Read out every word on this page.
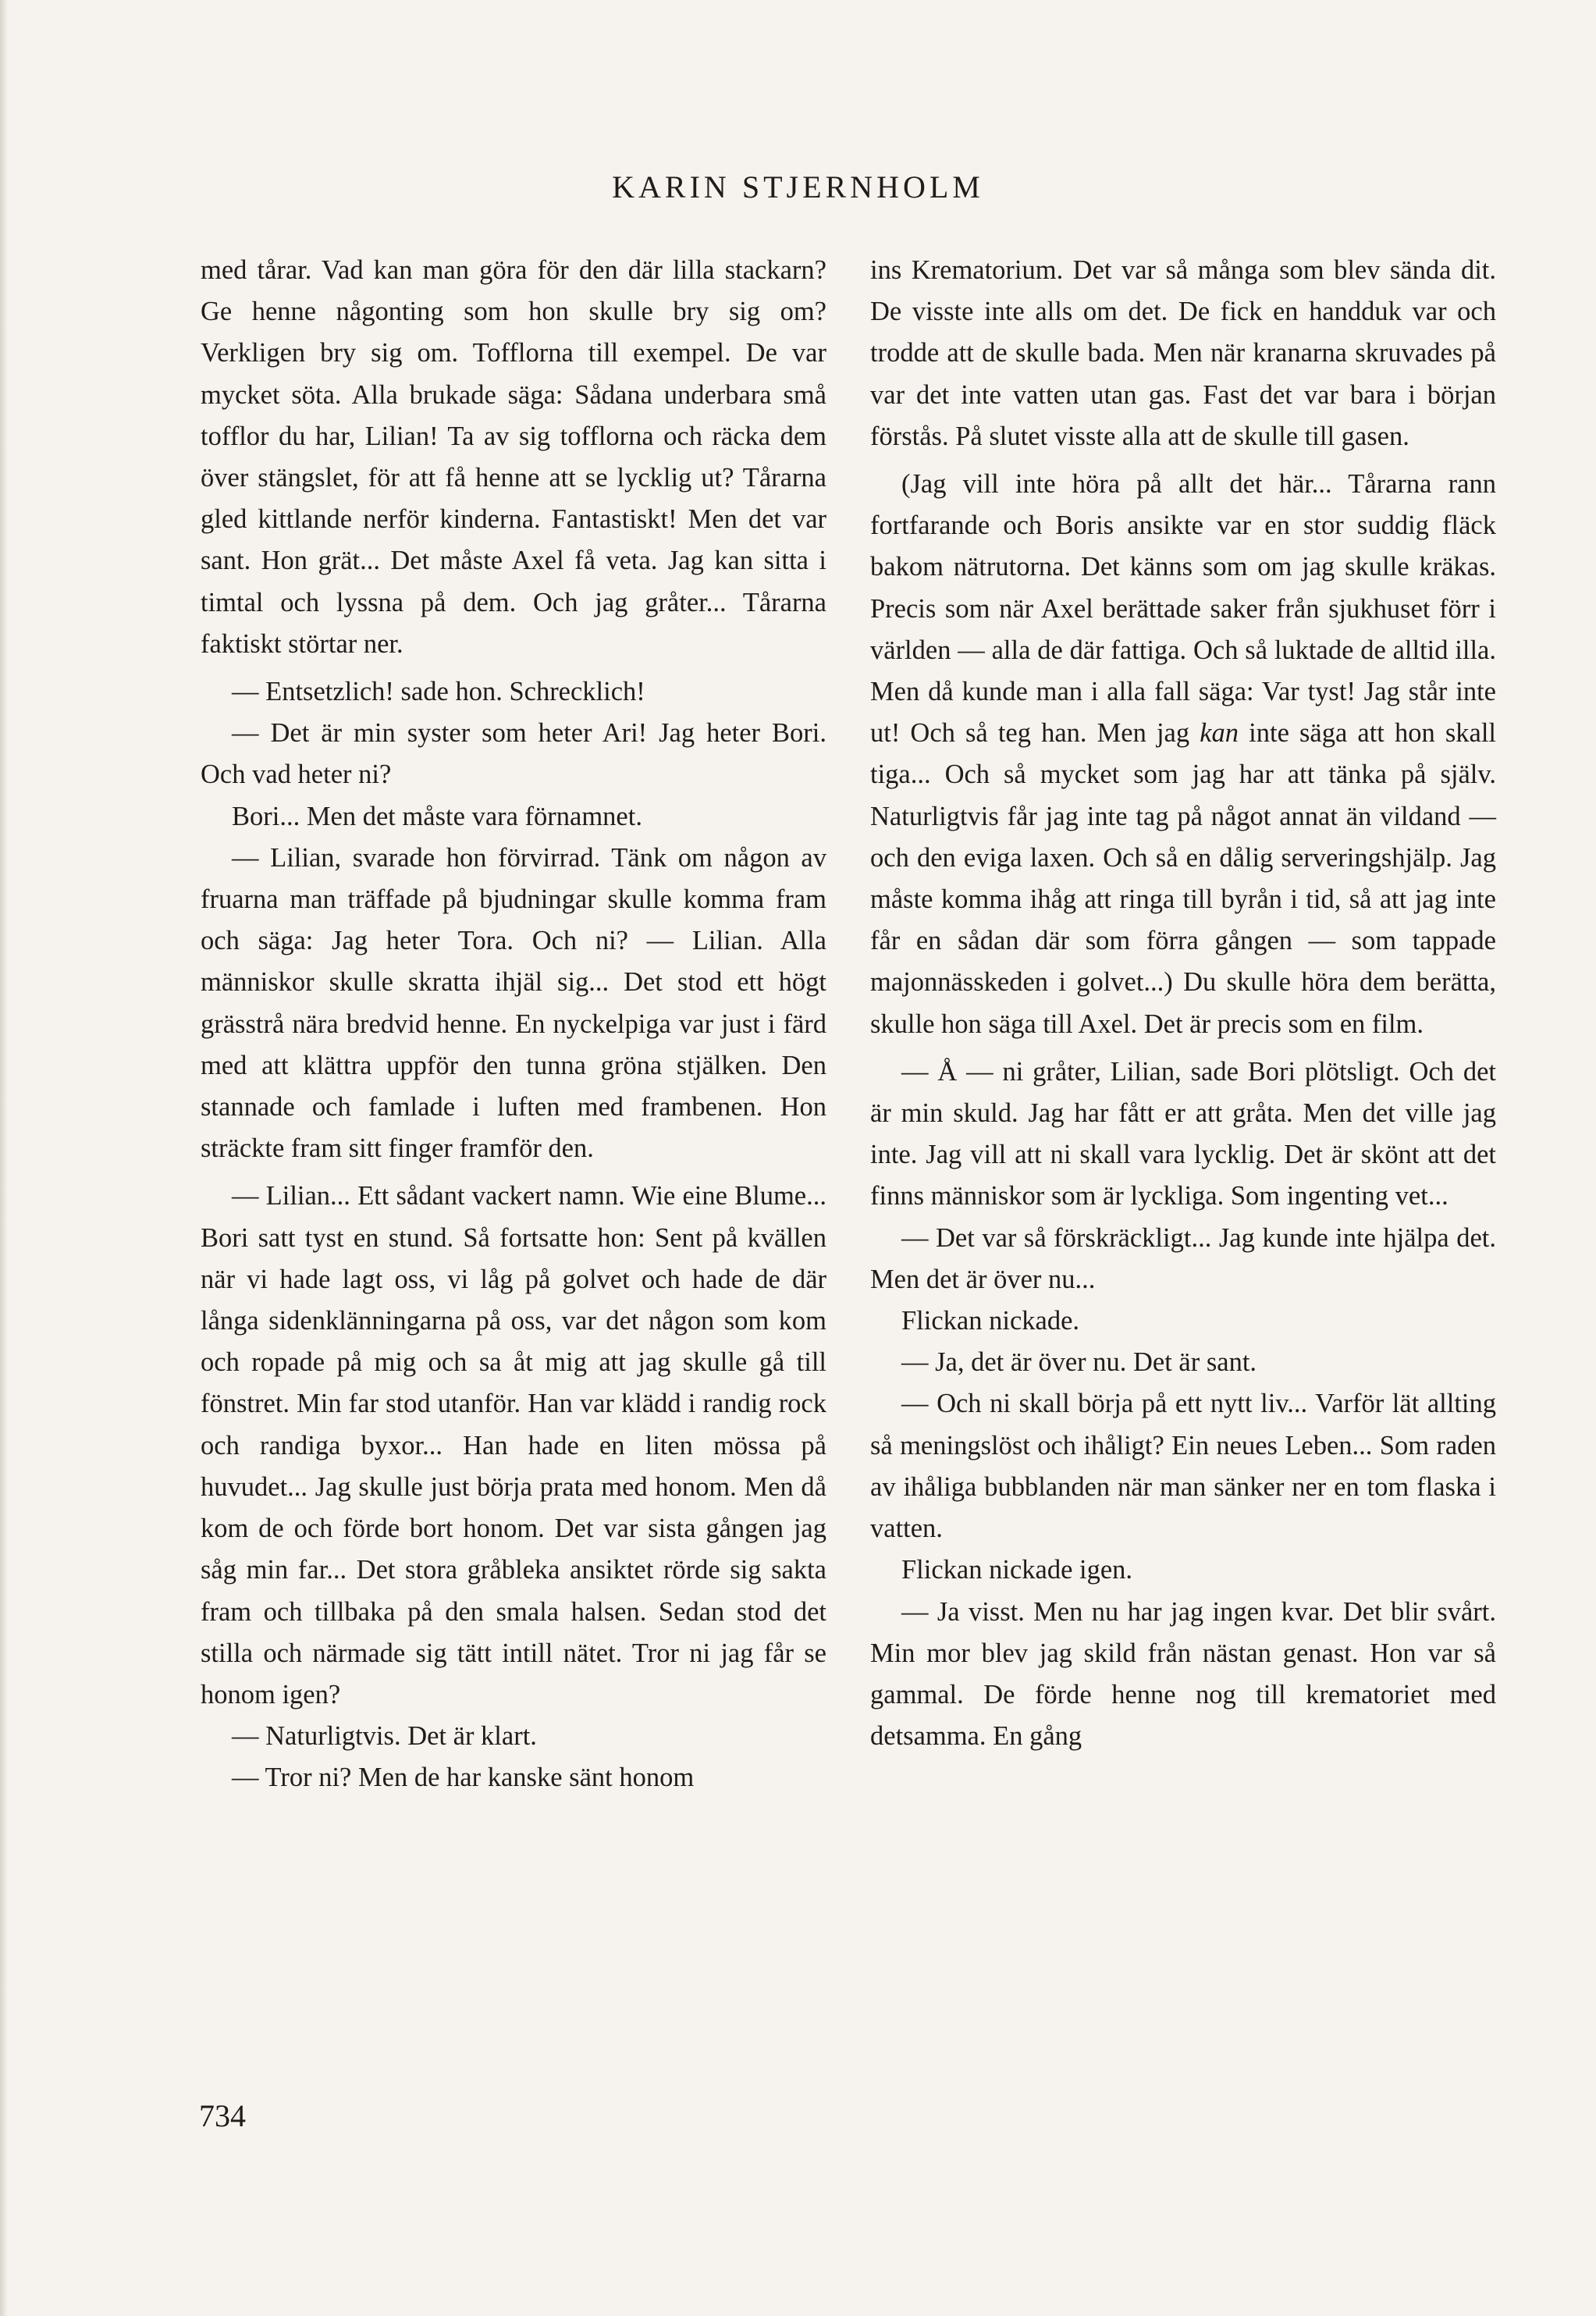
KARIN STJERNHOLM

med tårar. Vad kan man göra för den där lilla stackarn? Ge henne någonting som hon skulle bry sig om? Verkligen bry sig om. Tofflorna till exempel. De var mycket söta. Alla brukade säga: Sådana underbara små tofflor du har, Lilian! Ta av sig tofflorna och räcka dem över stängslet, för att få henne att se lycklig ut? Tårarna gled kittlande nerför kinderna. Fantastiskt! Men det var sant. Hon grät... Det måste Axel få veta. Jag kan sitta i timtal och lyssna på dem. Och jag gråter... Tårarna faktiskt störtar ner.

— Entsetzlich! sade hon. Schrecklich!

— Det är min syster som heter Ari! Jag heter Bori. Och vad heter ni?

Bori... Men det måste vara förnamnet.

— Lilian, svarade hon förvirrad. Tänk om någon av fruarna man träffade på bjudningar skulle komma fram och säga: Jag heter Tora. Och ni? — Lilian. Alla människor skulle skratta ihjäl sig... Det stod ett högt grässtrå nära bredvid henne. En nyckelpiga var just i färd med att klättra uppför den tunna gröna stjälken. Den stannade och famlade i luften med frambenen. Hon sträckte fram sitt finger framför den.

— Lilian... Ett sådant vackert namn. Wie eine Blume... Bori satt tyst en stund. Så fortsatte hon: Sent på kvällen när vi hade lagt oss, vi låg på golvet och hade de där långa sidenklänningarna på oss, var det någon som kom och ropade på mig och sa åt mig att jag skulle gå till fönstret. Min far stod utanför. Han var klädd i randig rock och randiga byxor... Han hade en liten mössa på huvudet... Jag skulle just börja prata med honom. Men då kom de och förde bort honom. Det var sista gången jag såg min far... Det stora gråbleka ansiktet rörde sig sakta fram och tillbaka på den smala halsen. Sedan stod det stilla och närmade sig tätt intill nätet. Tror ni jag får se honom igen?

— Naturligtvis. Det är klart.

— Tror ni? Men de har kanske sänt honom

ins Krematorium. Det var så många som blev sända dit. De visste inte alls om det. De fick en handduk var och trodde att de skulle bada. Men när kranarna skruvades på var det inte vatten utan gas. Fast det var bara i början förstås. På slutet visste alla att de skulle till gasen.

(Jag vill inte höra på allt det här... Tårarna rann fortfarande och Boris ansikte var en stor suddig fläck bakom nätrutorna. Det känns som om jag skulle kräkas. Precis som när Axel berättade saker från sjukhuset förr i världen — alla de där fattiga. Och så luktade de alltid illa. Men då kunde man i alla fall säga: Var tyst! Jag står inte ut! Och så teg han. Men jag kan inte säga att hon skall tiga... Och så mycket som jag har att tänka på själv. Naturligtvis får jag inte tag på något annat än vildand — och den eviga laxen. Och så en dålig serveringshjälp. Jag måste komma ihåg att ringa till byrån i tid, så att jag inte får en sådan där som förra gången — som tappade majonnässkeden i golvet...) Du skulle höra dem berätta, skulle hon säga till Axel. Det är precis som en film.

— Å — ni gråter, Lilian, sade Bori plötsligt. Och det är min skuld. Jag har fått er att gråta. Men det ville jag inte. Jag vill att ni skall vara lycklig. Det är skönt att det finns människor som är lyckliga. Som ingenting vet...

— Det var så förskräckligt... Jag kunde inte hjälpa det. Men det är över nu...

Flickan nickade.

— Ja, det är över nu. Det är sant.

— Och ni skall börja på ett nytt liv... Varför lät allting så meningslöst och ihåligt? Ein neues Leben... Som raden av ihåliga bubblanden när man sänker ner en tom flaska i vatten.

Flickan nickade igen.

— Ja visst. Men nu har jag ingen kvar. Det blir svårt. Min mor blev jag skild från nästan genast. Hon var så gammal. De förde henne nog till krematoriet med detsamma. En gång

734
